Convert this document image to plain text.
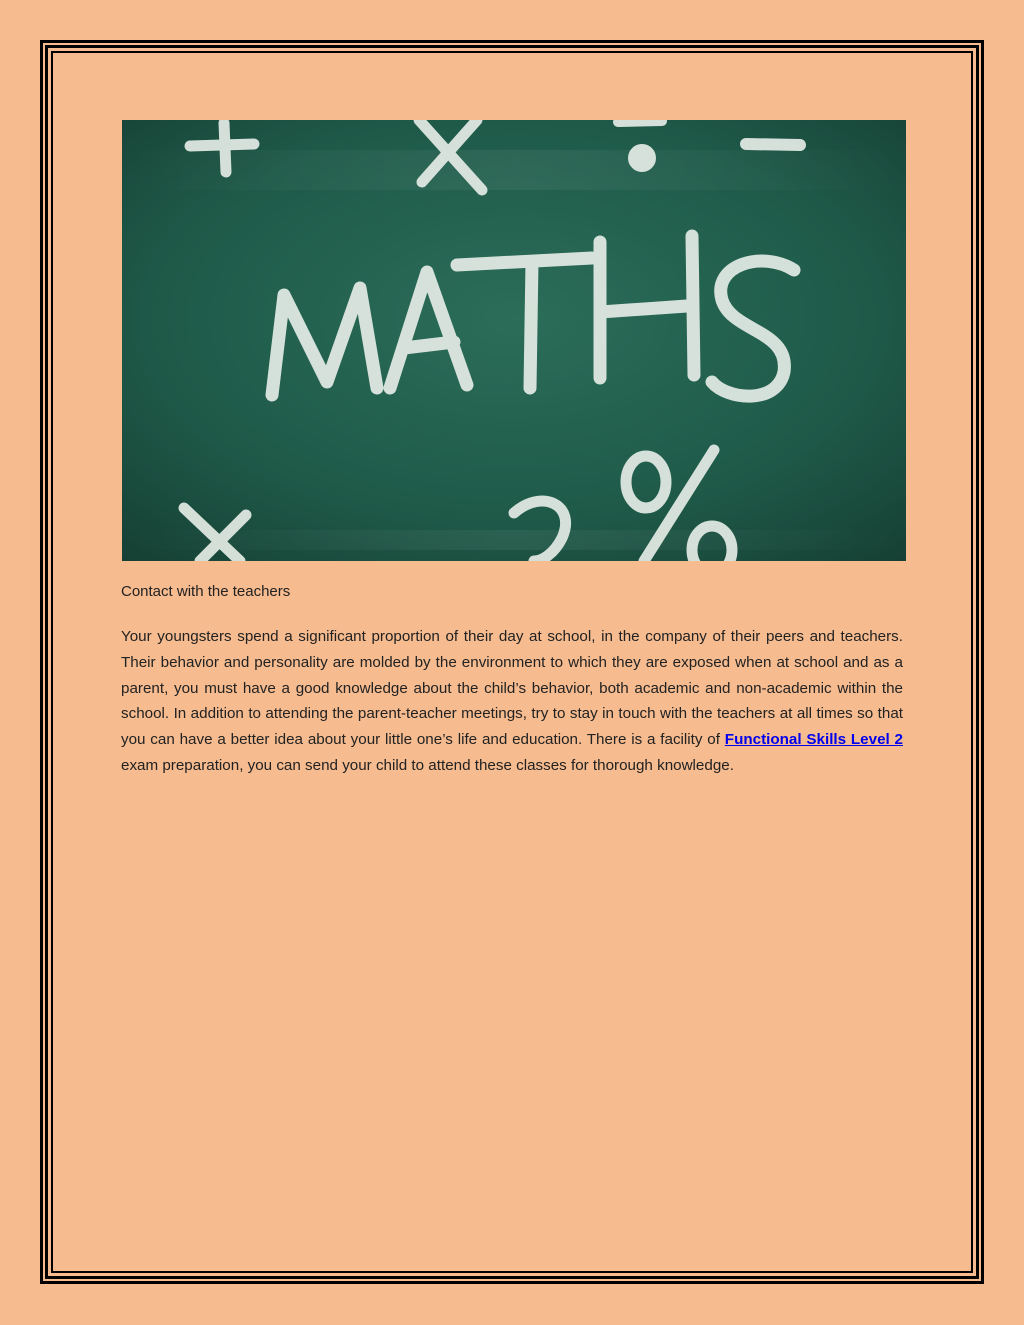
Contact with the teachers

Your youngsters spend a significant proportion of their day at school, in the company of their peers and teachers. Their behavior and personality are molded by the environment to which they are exposed when at school and as a parent, you must have a good knowledge about the child’s behavior, both academic and non-academic within the school. In addition to attending the parent-teacher meetings, try to stay in touch with the teachers at all times so that you can have a better idea about your little one’s life and education. There is a facility of Functional Skills Level 2 exam preparation, you can send your child to attend these classes for thorough knowledge.
